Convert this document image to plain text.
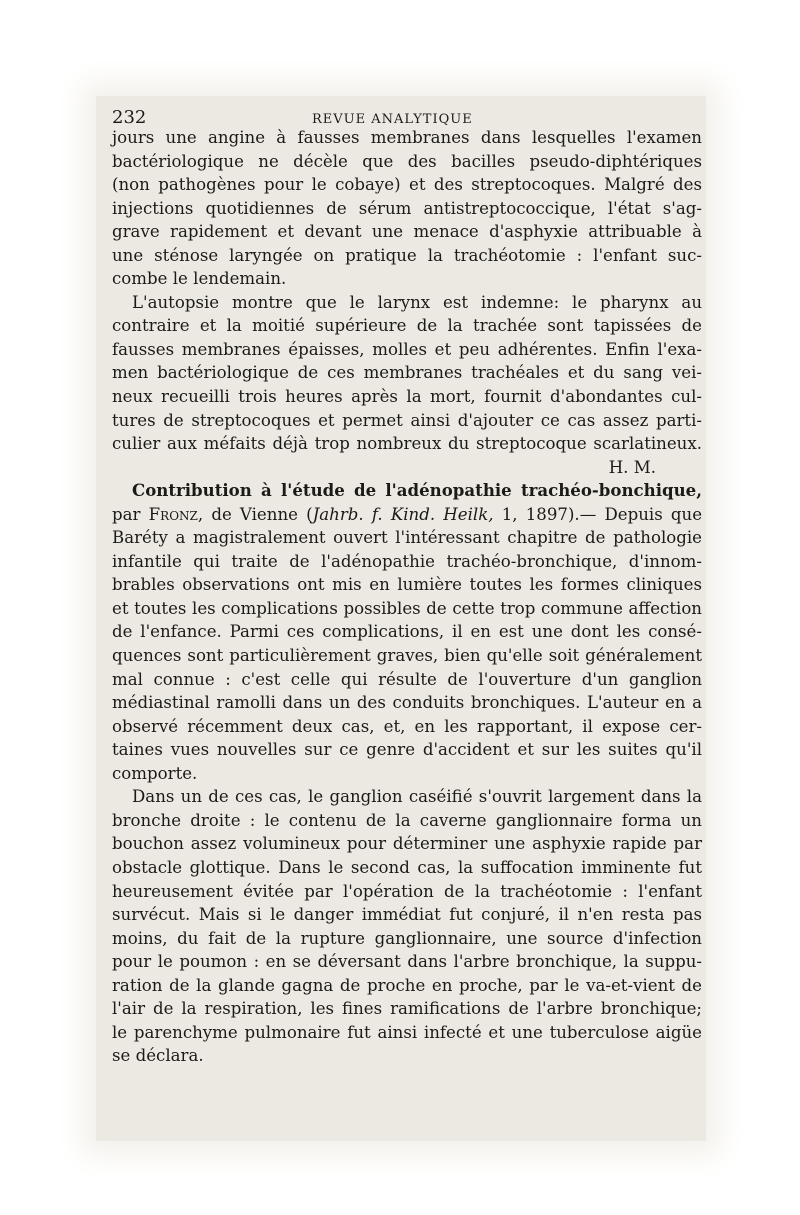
232	REVUE ANALYTIQUE
jours une angine à fausses membranes dans lesquelles l'examen
bactériologique ne décèle que des bacilles pseudo-diphtériques
(non pathogènes pour le cobaye) et des streptocoques. Malgré des
injections quotidiennes de sérum antistreptococcique, l'état s'ag-
grave rapidement et devant une menace d'asphyxie attribuable à
une sténose laryngée on pratique la trachéotomie : l'enfant suc-
combe le lendemain.
L'autopsie montre que le larynx est indemne: le pharynx au
contraire et la moitié supérieure de la trachée sont tapissées de
fausses membranes épaisses, molles et peu adhérentes. Enfin l'exa-
men bactériologique de ces membranes trachéales et du sang vei-
neux recueilli trois heures après la mort, fournit d'abondantes cul-
tures de streptocoques et permet ainsi d'ajouter ce cas assez parti-
culier aux méfaits déjà trop nombreux du streptocoque scarlatineux.
H. M.
Contribution à l'étude de l'adénopathie trachéo-bonchique,
par Fronz, de Vienne (Jahrb. f. Kind. Heilk, 1, 1897).— Depuis que
Baréty a magistralement ouvert l'intéressant chapitre de pathologie
infantile qui traite de l'adénopathie trachéo-bronchique, d'innom-
brables observations ont mis en lumière toutes les formes cliniques
et toutes les complications possibles de cette trop commune affection
de l'enfance. Parmi ces complications, il en est une dont les consé-
quences sont particulièrement graves, bien qu'elle soit généralement
mal connue : c'est celle qui résulte de l'ouverture d'un ganglion
médiastinal ramolli dans un des conduits bronchiques. L'auteur en a
observé récemment deux cas, et, en les rapportant, il expose cer-
taines vues nouvelles sur ce genre d'accident et sur les suites qu'il
comporte.
Dans un de ces cas, le ganglion caséifié s'ouvrit largement dans la
bronche droite : le contenu de la caverne ganglionnaire forma un
bouchon assez volumineux pour déterminer une asphyxie rapide par
obstacle glottique. Dans le second cas, la suffocation imminente fut
heureusement évitée par l'opération de la trachéotomie : l'enfant
survécut. Mais si le danger immédiat fut conjuré, il n'en resta pas
moins, du fait de la rupture ganglionnaire, une source d'infection
pour le poumon : en se déversant dans l'arbre bronchique, la suppu-
ration de la glande gagna de proche en proche, par le va-et-vient de
l'air de la respiration, les fines ramifications de l'arbre bronchique;
le parenchyme pulmonaire fut ainsi infecté et une tuberculose aigüe
se déclara.
